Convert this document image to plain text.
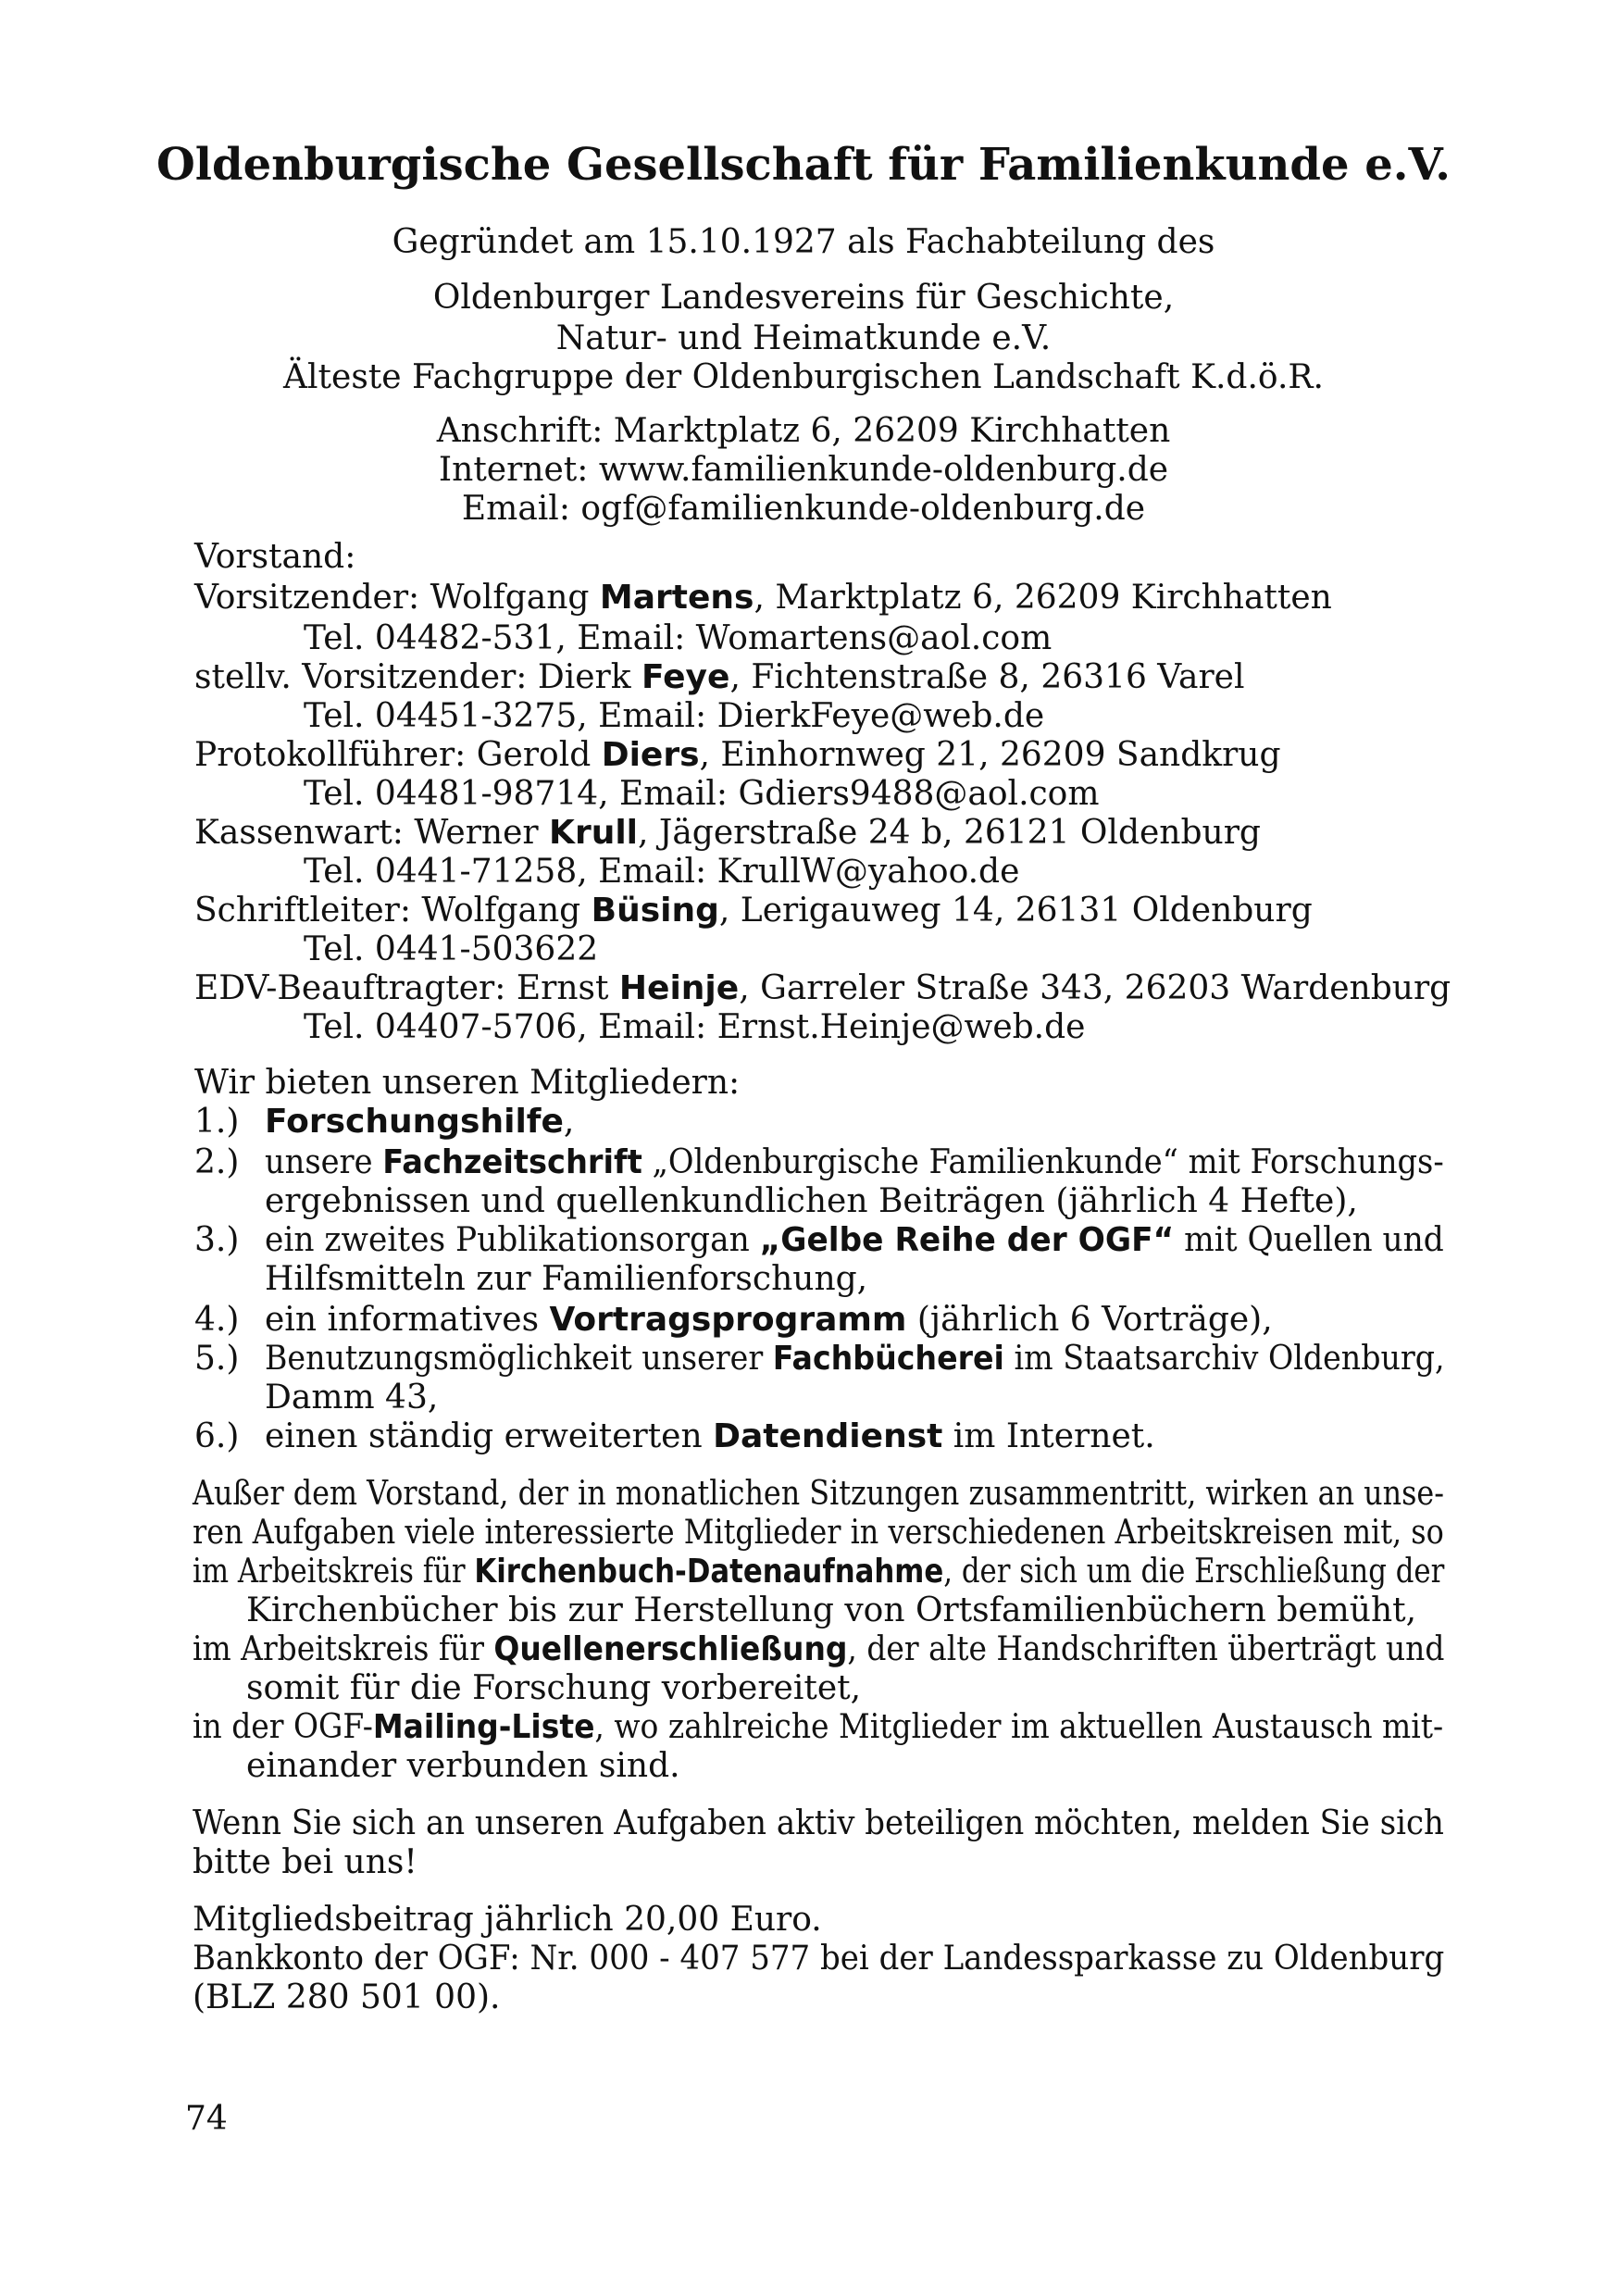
Oldenburgische Gesellschaft für Familienkunde e.V.
Gegründet am 15.10.1927 als Fachabteilung des
Oldenburger Landesvereins für Geschichte,
Natur- und Heimatkunde e.V.
Älteste Fachgruppe der Oldenburgischen Landschaft K.d.ö.R.
Anschrift: Marktplatz 6, 26209 Kirchhatten
Internet: www.familienkunde-oldenburg.de
Email: ogf@familienkunde-oldenburg.de
Vorstand:
Vorsitzender: Wolfgang Martens, Marktplatz 6, 26209 Kirchhatten
Tel. 04482-531, Email: Womartens@aol.com
stellv. Vorsitzender: Dierk Feye, Fichtenstraße 8, 26316 Varel
Tel. 04451-3275, Email: DierkFeye@web.de
Protokollführer: Gerold Diers, Einhornweg 21, 26209 Sandkrug
Tel. 04481-98714, Email: Gdiers9488@aol.com
Kassenwart: Werner Krull, Jägerstraße 24 b, 26121 Oldenburg
Tel. 0441-71258, Email: KrullW@yahoo.de
Schriftleiter: Wolfgang Büsing, Lerigauweg 14, 26131 Oldenburg
Tel. 0441-503622
EDV-Beauftragter: Ernst Heinje, Garreler Straße 343, 26203 Wardenburg
Tel. 04407-5706, Email: Ernst.Heinje@web.de
Wir bieten unseren Mitgliedern:
1.) Forschungshilfe,
2.) unsere Fachzeitschrift „Oldenburgische Familienkunde“ mit Forschungs-
ergebnissen und quellenkundlichen Beiträgen (jährlich 4 Hefte),
3.) ein zweites Publikationsorgan „Gelbe Reihe der OGF“ mit Quellen und
Hilfsmitteln zur Familienforschung,
4.) ein informatives Vortragsprogramm (jährlich 6 Vorträge),
5.) Benutzungsmöglichkeit unserer Fachbücherei im Staatsarchiv Oldenburg,
Damm 43,
6.) einen ständig erweiterten Datendienst im Internet.
Außer dem Vorstand, der in monatlichen Sitzungen zusammentritt, wirken an unse-
ren Aufgaben viele interessierte Mitglieder in verschiedenen Arbeitskreisen mit, so
im Arbeitskreis für Kirchenbuch-Datenaufnahme, der sich um die Erschließung der
Kirchenbücher bis zur Herstellung von Ortsfamilienbüchern bemüht,
im Arbeitskreis für Quellenerschließung, der alte Handschriften überträgt und
somit für die Forschung vorbereitet,
in der OGF-Mailing-Liste, wo zahlreiche Mitglieder im aktuellen Austausch mit-
einander verbunden sind.
Wenn Sie sich an unseren Aufgaben aktiv beteiligen möchten, melden Sie sich
bitte bei uns!
Mitgliedsbeitrag jährlich 20,00 Euro.
Bankkonto der OGF: Nr. 000 - 407 577 bei der Landessparkasse zu Oldenburg
(BLZ 280 501 00).
74
